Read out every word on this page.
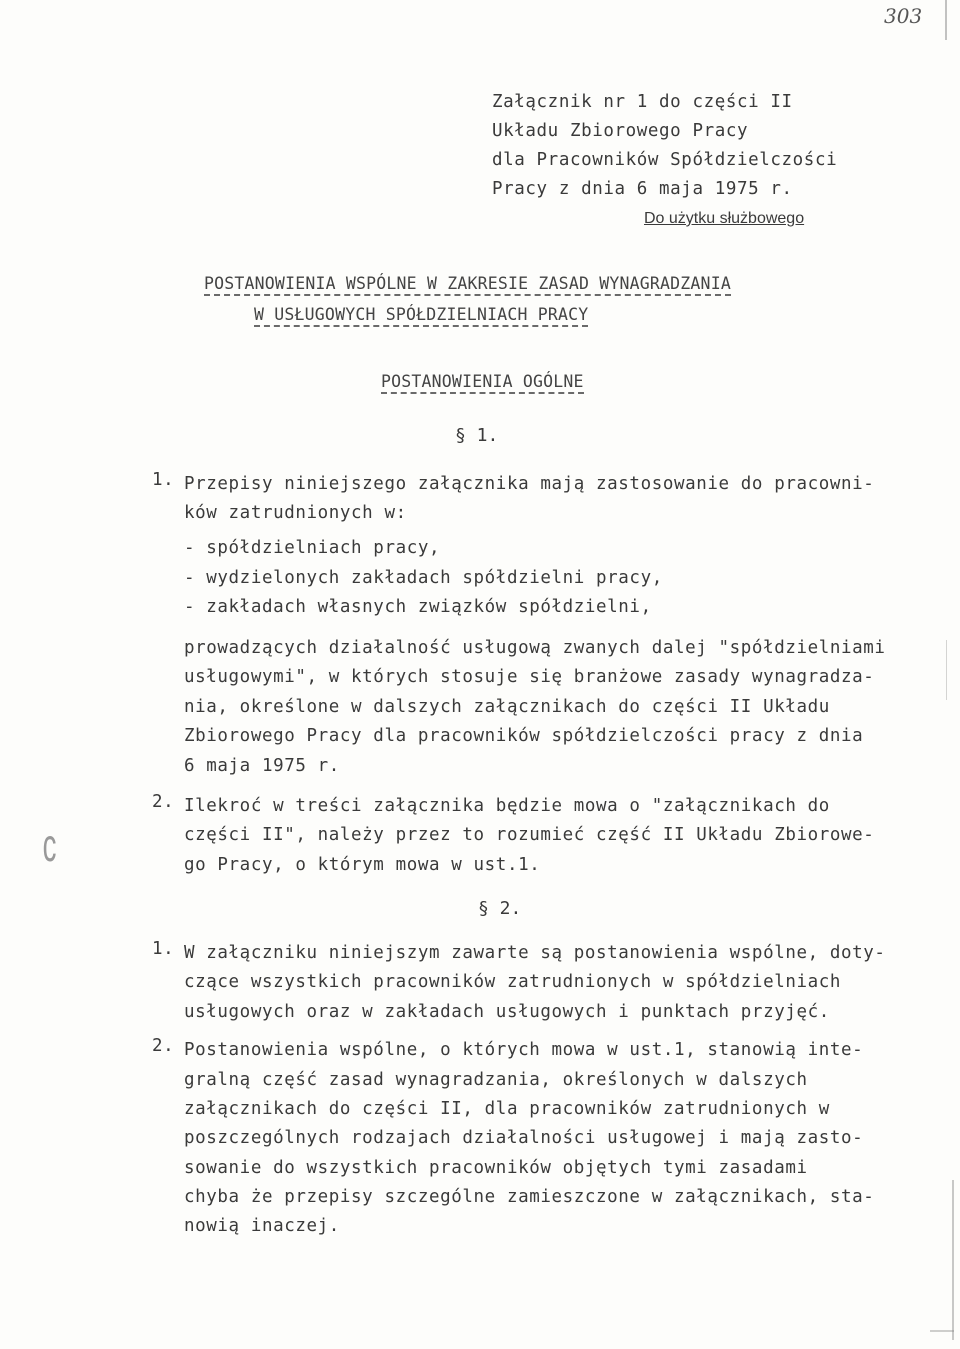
303
Załącznik nr 1 do części II
Układu Zbiorowego Pracy
dla Pracowników Spółdzielczości
Pracy z dnia 6 maja 1975 r.
Do użytku służbowego
POSTANOWIENIA WSPÓLNE W ZAKRESIE ZASAD WYNAGRADZANIA
W USŁUGOWYCH SPÓŁDZIELNIACH PRACY
POSTANOWIENIA OGÓLNE
§ 1.
1. Przepisy niniejszego załącznika mają zastosowanie do pracowni-
ków zatrudnionych w:
- spółdzielniach pracy,
- wydzielonych zakładach spółdzielni pracy,
- zakładach własnych związków spółdzielni,
prowadzących działalność usługową zwanych dalej "spółdzielniami
usługowymi", w których stosuje się branżowe zasady wynagradza-
nia, określone w dalszych załącznikach do części II Układu
Zbiorowego Pracy dla pracowników spółdzielczości pracy z dnia
6 maja 1975 r.
2. Ilekroć w treści załącznika będzie mowa o "załącznikach do
części II", należy przez to rozumieć część II Układu Zbiorowe-
go Pracy, o którym mowa w ust.1.
§ 2.
1. W załączniku niniejszym zawarte są postanowienia wspólne, doty-
czące wszystkich pracowników zatrudnionych w spółdzielniach
usługowych oraz w zakładach usługowych i punktach przyjęć.
2. Postanowienia wspólne, o których mowa w ust.1, stanowią inte-
gralną część zasad wynagradzania, określonych w dalszych
załącznikach do części II, dla pracowników zatrudnionych w
poszczególnych rodzajach działalności usługowej i mają zasto-
sowanie do wszystkich pracowników objętych tymi zasadami
chyba że przepisy szczególne zamieszczone w załącznikach, sta-
nowią inaczej.
c
